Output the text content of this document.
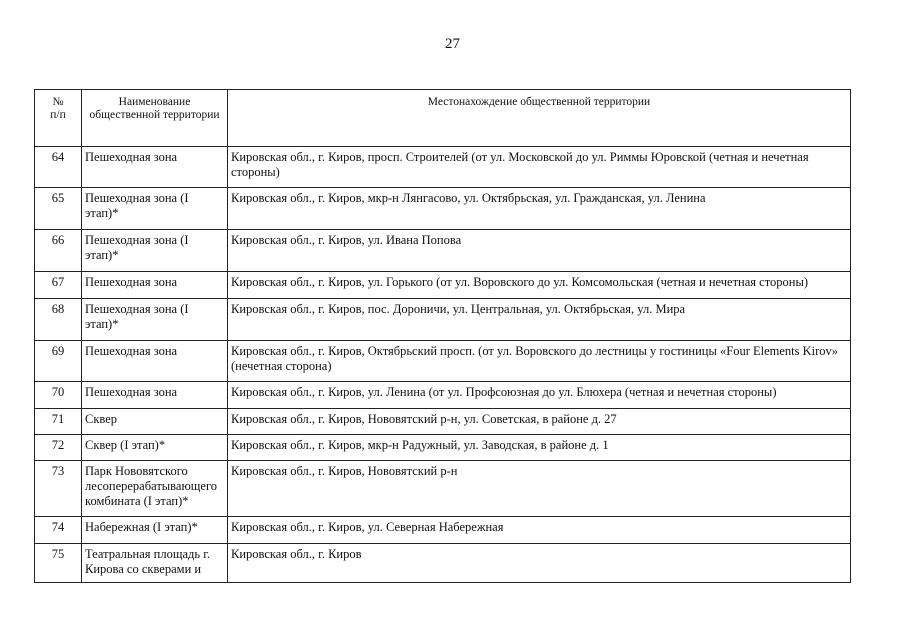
27
№
п/п	Наименование общественной территории	Местонахождение общественной территории
64	Пешеходная зона	Кировская обл., г. Киров, просп. Строителей (от ул. Московской до ул. Риммы Юровской (четная и нечетная стороны)
65	Пешеходная зона (I этап)*	Кировская обл., г. Киров, мкр-н Лянгасово, ул. Октябрьская, ул. Гражданская, ул. Ленина
66	Пешеходная зона (I этап)*	Кировская обл., г. Киров, ул. Ивана Попова
67	Пешеходная зона	Кировская обл., г. Киров, ул. Горького (от ул. Воровского до ул. Комсомольская (четная и нечетная стороны)
68	Пешеходная зона (I этап)*	Кировская обл., г. Киров, пос. Дороничи, ул. Центральная, ул. Октябрьская, ул. Мира
69	Пешеходная зона	Кировская обл., г. Киров, Октябрьский просп. (от ул. Воровского до лестницы у гостиницы «Four Elements Kirov» (нечетная сторона)
70	Пешеходная зона	Кировская обл., г. Киров, ул. Ленина (от ул. Профсоюзная до ул. Блюхера (четная и нечетная стороны)
71	Сквер	Кировская обл., г. Киров, Нововятский р-н, ул. Советская, в районе д. 27
72	Сквер (I этап)*	Кировская обл., г. Киров, мкр-н Радужный, ул. Заводская, в районе д. 1
73	Парк Нововятского лесоперерабатывающего комбината (I этап)*	Кировская обл., г. Киров, Нововятский р-н
74	Набережная (I этап)*	Кировская обл., г. Киров, ул. Северная Набережная
75	Театральная площадь г. Кирова со скверами и	Кировская обл., г. Киров
